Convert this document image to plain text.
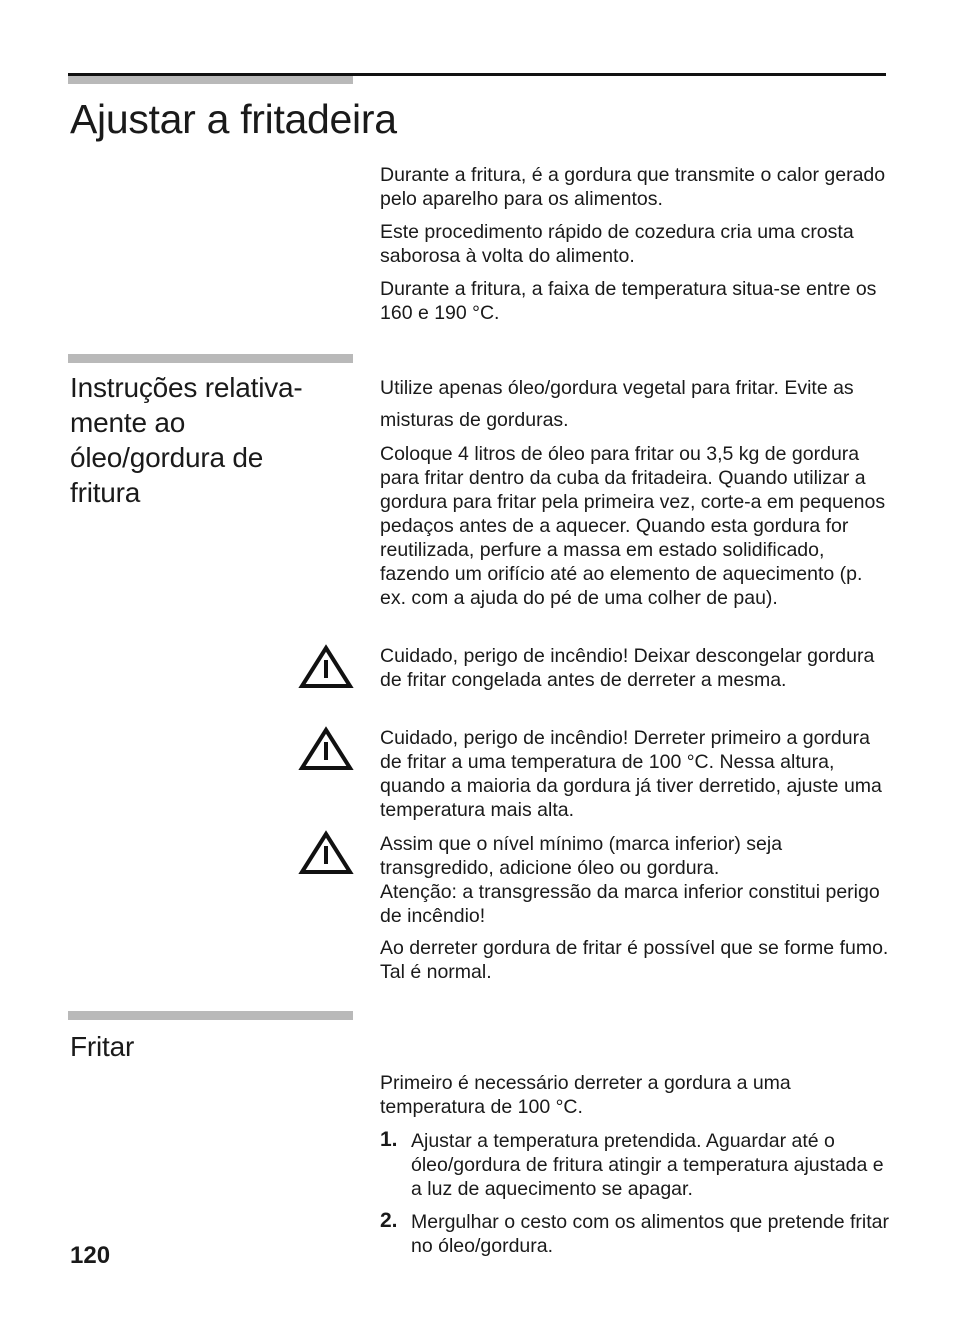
Ajustar a fritadeira

Durante a fritura, é a gordura que transmite o calor gerado pelo aparelho para os alimentos.

Este procedimento rápido de cozedura cria uma crosta saborosa à volta do alimento.

Durante a fritura, a faixa de temperatura situa-se entre os 160 e 190 °C.

Instruções relativa-
mente ao
óleo/gordura de
fritura

Utilize apenas óleo/gordura vegetal para fritar. Evite as misturas de gorduras.

Coloque 4 litros de óleo para fritar ou 3,5 kg de gordura para fritar dentro da cuba da fritadeira. Quando utilizar a gordura para fritar pela primeira vez, corte-a em pequenos pedaços antes de a aquecer. Quando esta gordura for reutilizada, perfure a massa em estado solidificado, fazendo um orifício até ao elemento de aquecimento (p. ex. com a ajuda do pé de uma colher de pau).

Cuidado, perigo de incêndio! Deixar descongelar gordura de fritar congelada antes de derreter a mesma.

Cuidado, perigo de incêndio! Derreter primeiro a gordura de fritar a uma temperatura de 100 °C. Nessa altura, quando a maioria da gordura já tiver derretido, ajuste uma temperatura mais alta.

Assim que o nível mínimo (marca inferior) seja transgredido, adicione óleo ou gordura.
Atenção: a transgressão da marca inferior constitui perigo de incêndio!

Ao derreter gordura de fritar é possível que se forme fumo. Tal é normal.

Fritar

Primeiro é necessário derreter a gordura a uma temperatura de 100 °C.

1. Ajustar a temperatura pretendida. Aguardar até o óleo/gordura de fritura atingir a temperatura ajustada e a luz de aquecimento se apagar.

2. Mergulhar o cesto com os alimentos que pretende fritar no óleo/gordura.

120
